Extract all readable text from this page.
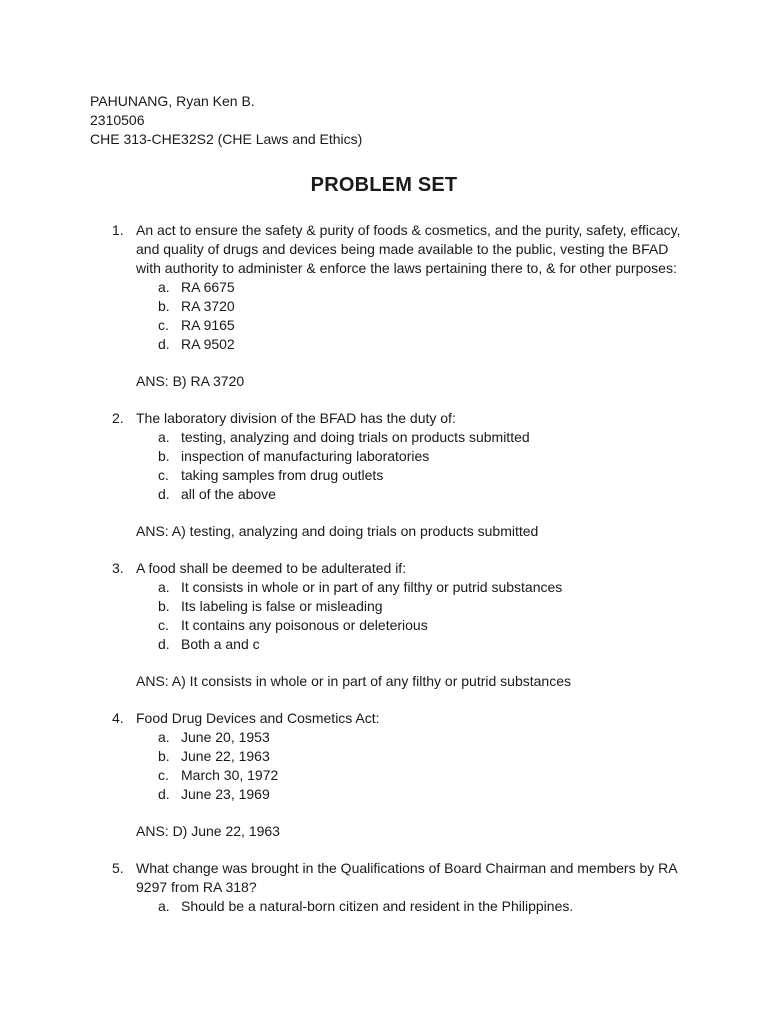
PAHUNANG, Ryan Ken B.
2310506
CHE 313-CHE32S2 (CHE Laws and Ethics)
PROBLEM SET
1. An act to ensure the safety & purity of foods & cosmetics, and the purity, safety, efficacy, and quality of drugs and devices being made available to the public, vesting the BFAD with authority to administer & enforce the laws pertaining there to, & for other purposes:
a. RA 6675
b. RA 3720
c. RA 9165
d. RA 9502
ANS: B) RA 3720
2. The laboratory division of the BFAD has the duty of:
a. testing, analyzing and doing trials on products submitted
b. inspection of manufacturing laboratories
c. taking samples from drug outlets
d. all of the above
ANS: A) testing, analyzing and doing trials on products submitted
3. A food shall be deemed to be adulterated if:
a. It consists in whole or in part of any filthy or putrid substances
b. Its labeling is false or misleading
c. It contains any poisonous or deleterious
d. Both a and c
ANS: A) It consists in whole or in part of any filthy or putrid substances
4. Food Drug Devices and Cosmetics Act:
a. June 20, 1953
b. June 22, 1963
c. March 30, 1972
d. June 23, 1969
ANS: D) June 22, 1963
5. What change was brought in the Qualifications of Board Chairman and members by RA 9297 from RA 318?
a. Should be a natural-born citizen and resident in the Philippines.
